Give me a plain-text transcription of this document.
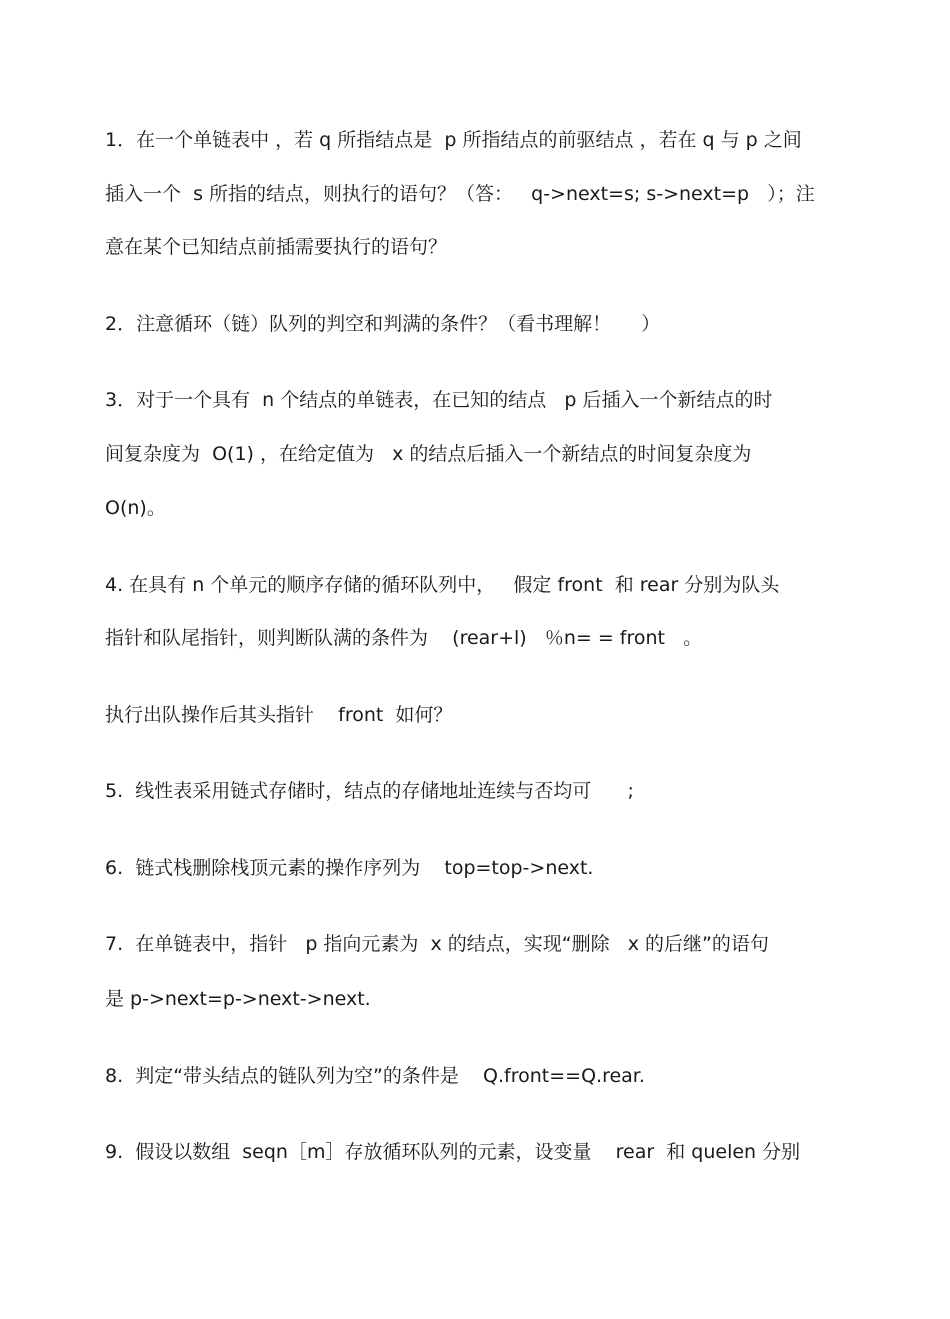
1．在一个单链表中 ，若 q 所指结点是  p 所指结点的前驱结点 ，若在 q 与 p 之间
插入一个  s 所指的结点，则执行的语句？（答：   q->next=s; s->next=p   ）；注
意在某个已知结点前插需要执行的语句？
2．注意循环（链）队列的判空和判满的条件？（看书理解！     ）
3．对于一个具有  n 个结点的单链表，在已知的结点   p 后插入一个新结点的时
间复杂度为  O(1) ，在给定值为   x 的结点后插入一个新结点的时间复杂度为
O(n)。
4. 在具有 n 个单元的顺序存储的循环队列中，   假定 front  和 rear 分别为队头
指针和队尾指针，则判断队满的条件为    (rear+l)   ％n= = front   。
执行出队操作后其头指针    front  如何？
5.  线性表采用链式存储时，结点的存储地址连续与否均可      ;
6.  链式栈删除栈顶元素的操作序列为    top=top->next.
7.  在单链表中，指针   p 指向元素为  x 的结点，实现“删除   x 的后继”的语句
是 p->next=p->next->next.
8.  判定“带头结点的链队列为空”的条件是    Q.front==Q.rear.
9.  假设以数组  seqn［m］存放循环队列的元素，设变量    rear  和 quelen 分别
